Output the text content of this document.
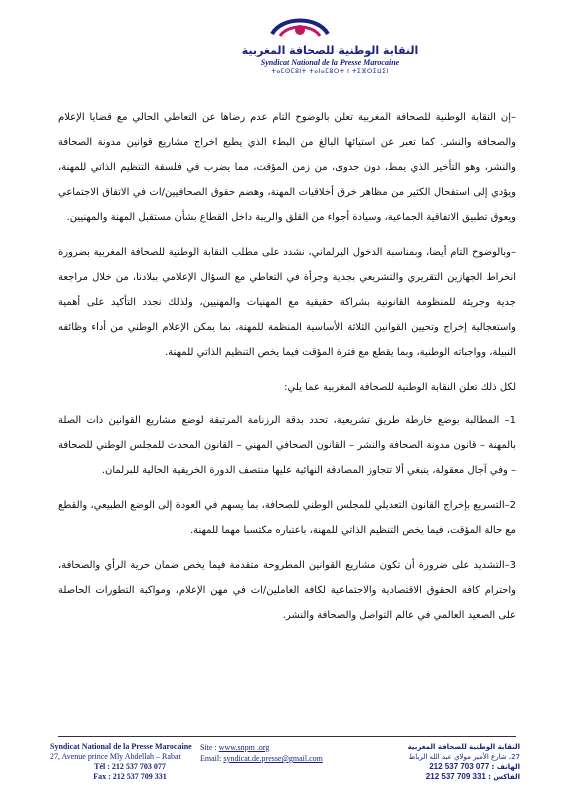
النقابة الوطنية للصحافة المغربية
Syndicat National de la Presse Marocaine
ⵜⴰⵎⵙⵎⵓⵏⵜ ⵜⴰⵏⴰⵎⵓⵔⵜ ⵏ ⵜⵉⴼⵔⵉⵡⵉⵏ

–إن النقابة الوطنية للصحافة المغربية تعلن بالوضوح التام عدم رضاها عن التعاطي الحالي مع قضايا الإعلام والصحافة والنشر. كما تعبر عن استيائها البالغ من البطء الذي يطبع اخراج مشاريع قوانين مدونة الصحافة والنشر، وهو التأخير الذي يمط، دون جدوى، من زمن المؤقت، مما يضرب في فلسفة التنظيم الذاتي للمهنة، ويؤدي إلى استفحال الكثير من مظاهر خرق أخلاقيات المهنة، وهضم حقوق الصحافيين/ات في الاتفاق الاجتماعي ويعوق تطبيق الاتفاقية الجماعية، وسيادة أجواء من القلق والريبة داخل القطاع بشأن مستقبل المهنة والمهنيين.

–وبالوضوح التام أيضا، وبمناسبة الدخول البرلماني، نشدد على مطلب النقابة الوطنية للصحافة المغربية بضرورة انخراط الجهازين التقريري والتشريعي بجدية وجرأة في التعاطي مع السؤال الإعلامي ببلادنا، من خلال مراجعة جدية وجريئة للمنظومة القانونية بشراكة حقيقية مع المهنيات والمهنيين، ولذلك نجدد التأكيد على أهمية واستعجالية إخراج وتحيين القوانين الثلاثة الأساسية المنظمة للمهنة، بما يمكن الإعلام الوطني من أداء وظائفه النبيلة، وواجباته الوطنية، وبما يقطع مع فترة المؤقت فيما يخص التنظيم الذاتي للمهنة.

لكل ذلك تعلن النقابة الوطنية للصحافة المغربية عما يلي:

1– المطالبة بوضع خارطة طريق تشريعية، تحدد بدقة الرزنامة المرتبقة لوضع مشاريع القوانين ذات الصلة بالمهنة – قانون مدونة الصحافة والنشر – القانون الصحافي المهني – القانون المحدث للمجلس الوطني للصحافة – وفي آجال معقولة، ينبغي ألا تتجاوز المصادقة النهائية عليها منتصف الدورة الخريفية الحالية للبرلمان.

2–التسريع بإخراج القانون التعديلي للمجلس الوطني للصحافة، بما يسهم في العودة إلى الوضع الطبيعي، والقطع مع حالة المؤقت، فيما يخص التنظيم الذاتي للمهنة، باعتباره مكتسبا مهما للمهنة.

3–التشديد على ضرورة أن تكون مشاريع القوانين المطروحة متقدمة فيما يخص ضمان حرية الرأي والصحافة، واحترام كافة الحقوق الاقتصادية والاجتماعية لكافة العاملين/ات في مهن الإعلام، ومواكبة التطورات الحاصلة على الصعيد العالمي في عالم التواصل والصحافة والنشر.

Syndicat National de la Presse Marocaine
27, Avenue prince Mly Abdellah – Rabat
Tél : 212 537 703 077
Fax : 212 537 709 331
Site : www.snpm .org
Email: syndicat.de.presse@gmail.com
النقابة الوطنية للصحافة المغربية
27، شارع الأمير مولاي عبد الله الرباط
الهاتف : 212 537 703 077
الفاكس : 212 537 709 331
